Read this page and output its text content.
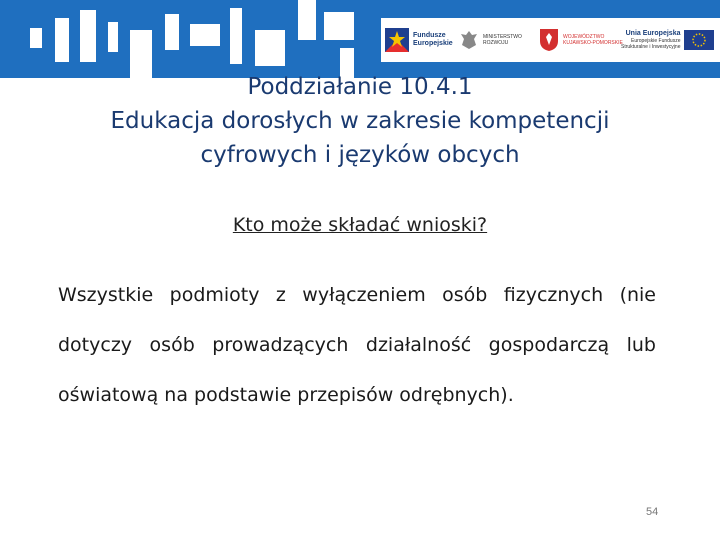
Fundusze
Europejskie
MINISTERSTWO
ROZWOJU
WOJEWÓDZTWO
KUJAWSKO-POMORSKIE
Unia Europejska
Europejskie Fundusze
Strukturalne i Inwestycyjne
Poddziałanie 10.4.1
Edukacja dorosłych w zakresie kompetencji
cyfrowych i języków obcych
Kto może składać wnioski?
Wszystkie podmioty z wyłączeniem osób fizycznych (nie dotyczy osób prowadzących działalność gospodarczą lub oświatową na podstawie przepisów odrębnych).
54
